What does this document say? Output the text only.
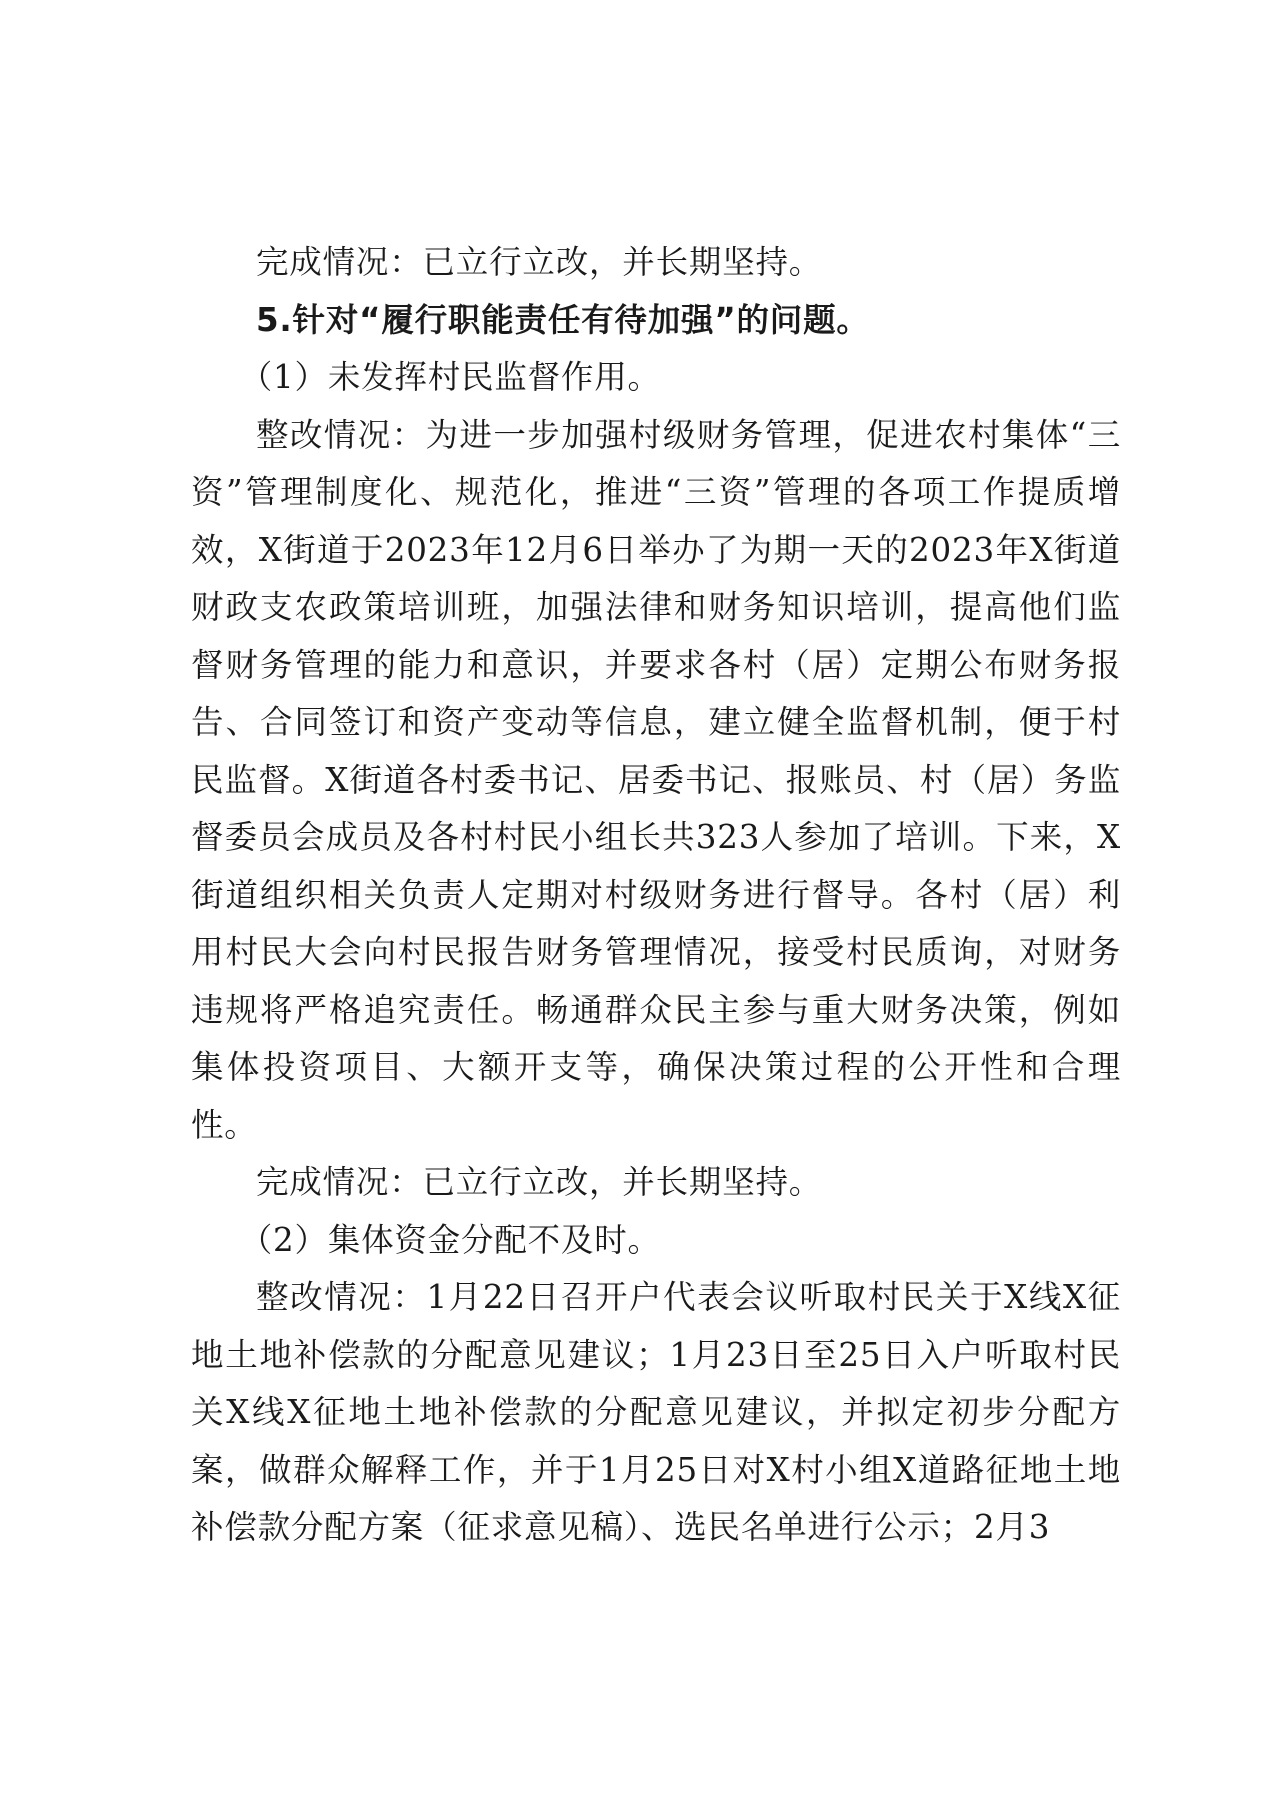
完成情况：已立行立改，并长期坚持。

5.针对“履行职能责任有待加强”的问题。

（1）未发挥村民监督作用。

整改情况：为进一步加强村级财务管理，促进农村集体“三资”管理制度化、规范化，推进“三资”管理的各项工作提质增效，X街道于2023年12月6日举办了为期一天的2023年X街道财政支农政策培训班，加强法律和财务知识培训，提高他们监督财务管理的能力和意识，并要求各村（居）定期公布财务报告、合同签订和资产变动等信息，建立健全监督机制，便于村民监督。X街道各村委书记、居委书记、报账员、村（居）务监督委员会成员及各村村民小组长共323人参加了培训。下来，X街道组织相关负责人定期对村级财务进行督导。各村（居）利用村民大会向村民报告财务管理情况，接受村民质询，对财务违规将严格追究责任。畅通群众民主参与重大财务决策，例如集体投资项目、大额开支等，确保决策过程的公开性和合理性。

完成情况：已立行立改，并长期坚持。

（2）集体资金分配不及时。

整改情况：1月22日召开户代表会议听取村民关于X线X征地土地补偿款的分配意见建议；1月23日至25日入户听取村民关X线X征地土地补偿款的分配意见建议，并拟定初步分配方案，做群众解释工作，并于1月25日对X村小组X道路征地土地补偿款分配方案（征求意见稿）、选民名单进行公示；2月3
